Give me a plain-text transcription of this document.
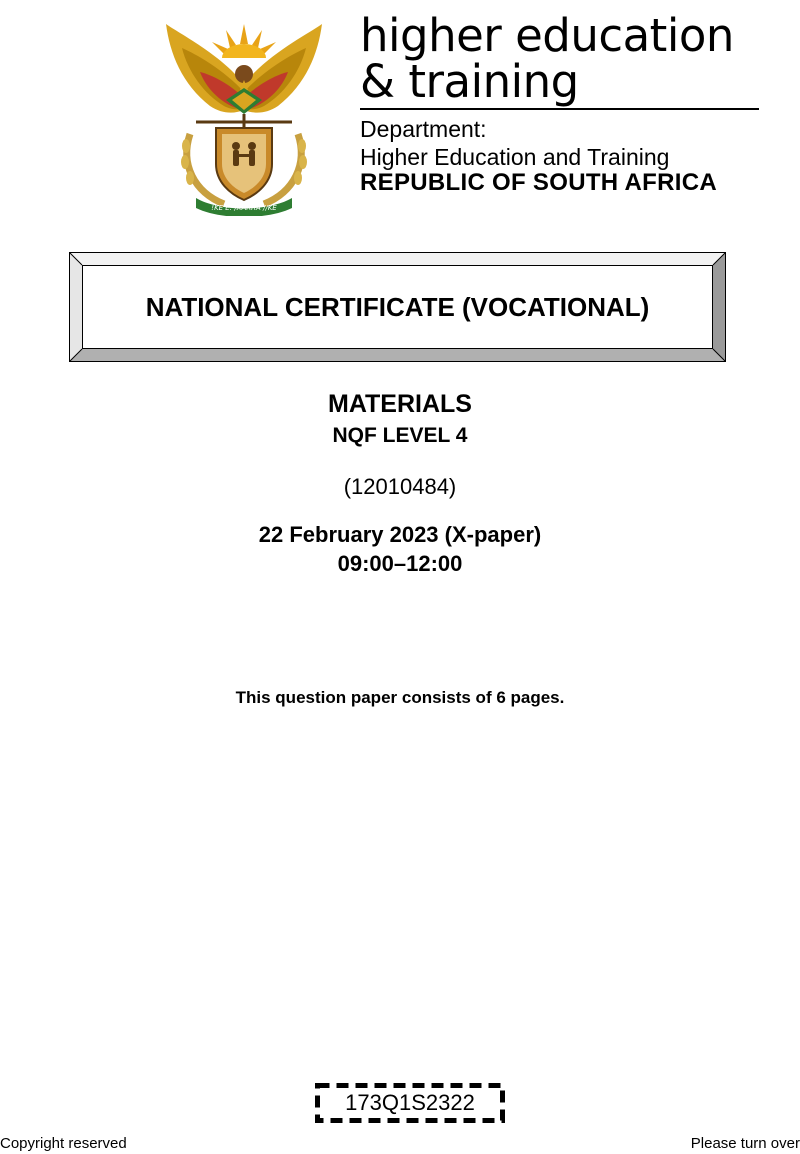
!KE E: /XARRA //KE
higher education
& training
Department:
Higher Education and Training
REPUBLIC OF SOUTH AFRICA
NATIONAL CERTIFICATE (VOCATIONAL)
MATERIALS
NQF LEVEL 4
(12010484)
22 February 2023 (X-paper)
09:00–12:00
This question paper consists of 6 pages.
173Q1S2322
Copyright reserved	Please turn over
